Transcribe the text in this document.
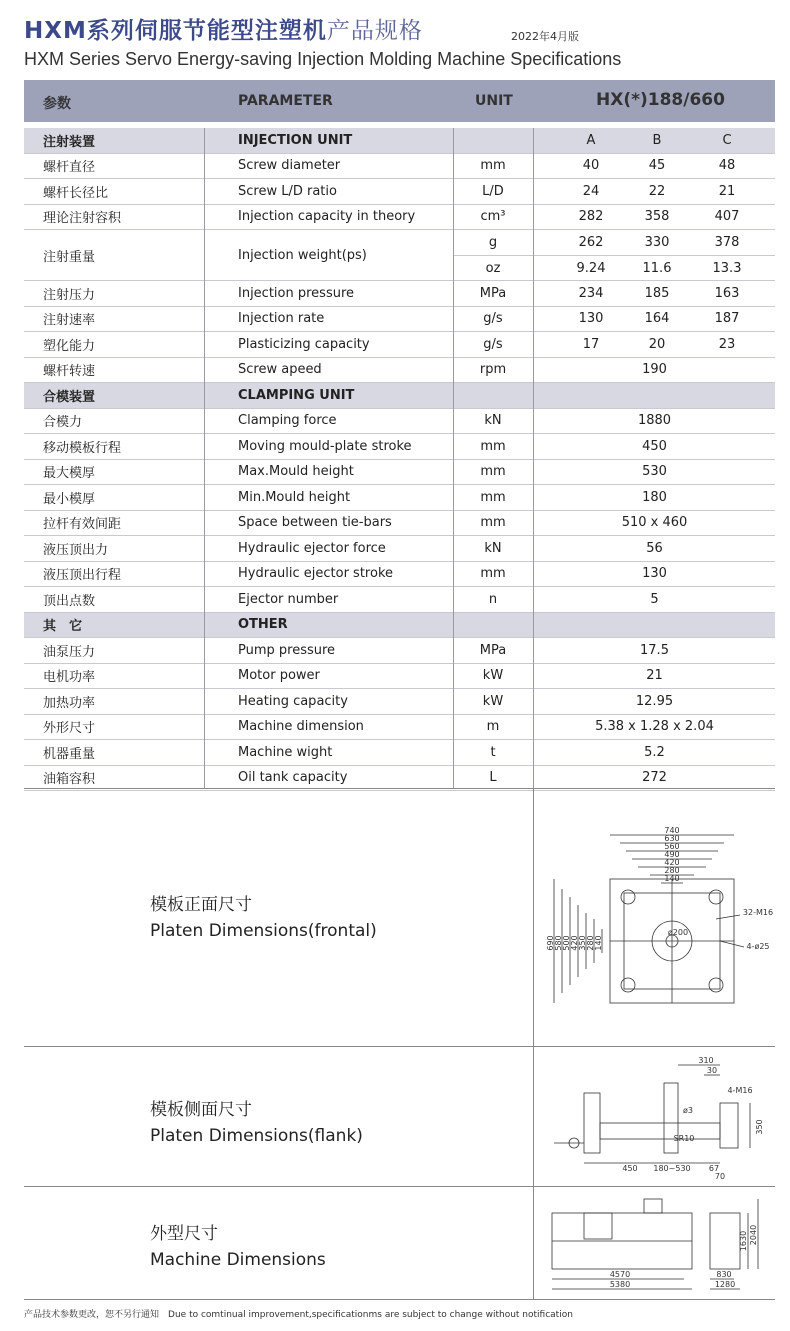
HXM系列伺服节能型注塑机产品规格	2022年4月版
HXM Series Servo Energy-saving Injection Molding Machine Specifications
参数	PARAMETER	UNIT	HX(*)188/660
注射装置	INJECTION UNIT	A	B	C
螺杆直径	Screw diameter	mm	40	45	48
螺杆长径比	Screw L/D ratio	L/D	24	22	21
理论注射容积	Injection capacity in theory	cm³	282	358	407
注射重量	Injection weight(ps)
g	262	330	378
oz	9.24	11.6	13.3
注射压力	Injection pressure	MPa	234	185	163
注射速率	Injection rate	g/s	130	164	187
塑化能力	Plasticizing capacity	g/s	17	20	23
螺杆转速	Screw apeed	rpm	190
合模装置	CLAMPING UNIT
合模力	Clamping force	kN	1880
移动模板行程	Moving mould-plate stroke	mm	450
最大模厚	Max.Mould height	mm	530
最小模厚	Min.Mould height	mm	180
拉杆有效间距	Space between tie-bars	mm	510 x 460
液压顶出力	Hydraulic ejector force	kN	56
液压顶出行程	Hydraulic ejector stroke	mm	130
顶出点数	Ejector number	n	5
其　它	OTHER
油泵压力	Pump pressure	MPa	17.5
电机功率	Motor power	kW	21
加热功率	Heating capacity	kW	12.95
外形尺寸	Machine dimension	m	5.38 x 1.28 x 2.04
机器重量	Machine wight	t	5.2
油箱容积	Oil tank capacity	L	272
模板正面尺寸
Platen Dimensions(frontal)
740
630
560
490
420
280
140
690 580 500 420 350 280 140
ø200
32-M16
4-ø25
模板侧面尺寸
Platen Dimensions(flank)
310
30
4-M16
ø3
SR10
350
450 180~530 67
70
外型尺寸
Machine Dimensions
4570
5380
1630 2040
830
1280
产品技术参数更改，恕不另行通知　 Due to comtinual improvement,specificationms are subject to change without notification
